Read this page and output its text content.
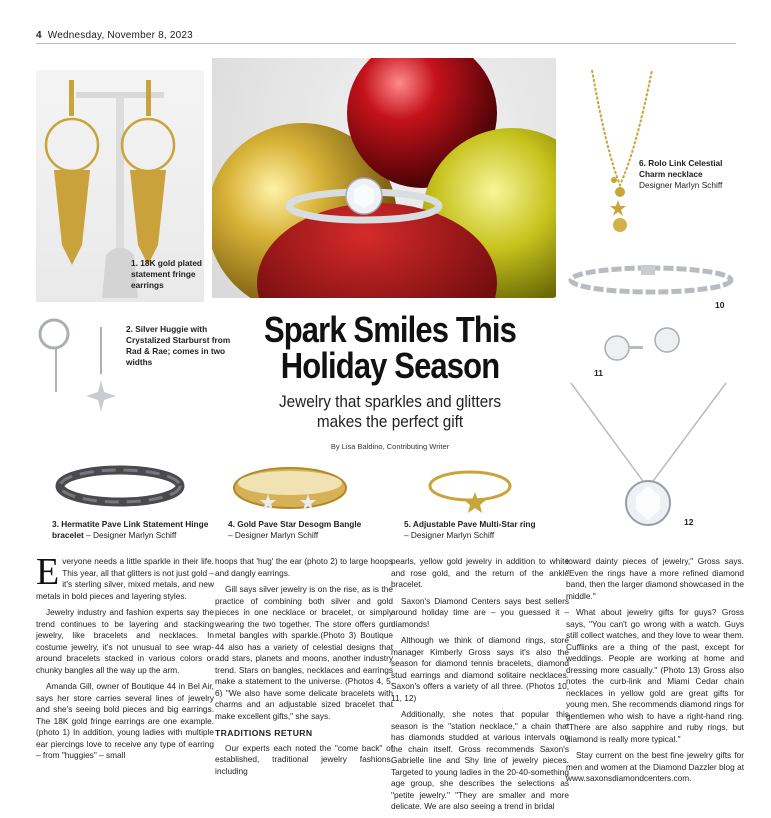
4 Wednesday, November 8, 2023
1. 18K gold plated statement fringe earrings
6. Rolo Link Celestial Charm necklace
Designer Marlyn Schiff
10
11
12
2. Silver Huggie with Crystalized Starburst from Rad & Rae; comes in two widths
Spark Smiles This
Holiday Season
Jewelry that sparkles and glitters
makes the perfect gift
By Lisa Baldino, Contributing Writer
3. Hermatite Pave Link Statement Hinge bracelet – Designer Marlyn Schiff
4. Gold Pave Star Desogm Bangle
– Designer Marlyn Schiff
5. Adjustable Pave Multi-Star ring
– Designer Marlyn Schiff

Everyone needs a little sparkle in their life. This year, all that glitters is not just gold – it's sterling silver, mixed metals, and new metals in bold pieces and layering styles.

Jewelry industry and fashion experts say the trend continues to be layering and stacking jewelry, like bracelets and necklaces. In costume jewelry, it's not unusual to see wrap-around bracelets stacked in various colors or chunky bangles all the way up the arm.

Amanda Gill, owner of Boutique 44 in Bel Air, says her store carries several lines of jewelry and she's seeing bold pieces and big earrings. The 18K gold fringe earrings are one example. (photo 1) In addition, young ladies with multiple ear piercings love to receive any type of earring – from "huggies" – small

hoops that 'hug' the ear (photo 2) to large hoops and dangly earrings.

Gill says silver jewelry is on the rise, as is the practice of combining both silver and gold pieces in one necklace or bracelet, or simply wearing the two together. The store offers gun metal bangles with sparkle.(Photo 3) Boutique 44 also has a variety of celestial designs that add stars, planets and moons, another industry trend. Stars on bangles, necklaces and earrings make a statement to the universe. (Photos 4, 5, 6) "We also have some delicate bracelets with charms and an adjustable sized bracelet that make excellent gifts," she says.

TRADITIONS RETURN

Our experts each noted the "come back" of established, traditional jewelry fashions, including

pearls, yellow gold jewelry in addition to white and rose gold, and the return of the ankle bracelet.

Saxon's Diamond Centers says best sellers around holiday time are – you guessed it – diamonds!

Although we think of diamond rings, store manager Kimberly Gross says it's also the season for diamond tennis bracelets, diamond stud earrings and diamond solitaire necklaces. Saxon's offers a variety of all three. (Photos 10, 11, 12)

Additionally, she notes that popular this season is the "station necklace," a chain that has diamonds studded at various intervals on the chain itself. Gross recommends Saxon's Gabrielle line and Shy line of jewelry pieces. Targeted to young ladies in the 20-40-something age group, she describes the selections as "petite jewelry." "They are smaller and more delicate. We are also seeing a trend in bridal

toward dainty pieces of jewelry," Gross says. "Even the rings have a more refined diamond band, then the larger diamond showcased in the middle."

What about jewelry gifts for guys? Gross says, "You can't go wrong with a watch. Guys still collect watches, and they love to wear them. Cufflinks are a thing of the past, except for weddings. People are working at home and dressing more casually." (Photo 13) Gross also notes the curb-link and Miami Cedar chain necklaces in yellow gold are great gifts for young men. She recommends diamond rings for gentlemen who wish to have a right-hand ring. "There are also sapphire and ruby rings, but diamond is really more typical."

Stay current on the best fine jewelry gifts for men and women at the Diamond Dazzler blog at www.saxonsdiamondcenters.com.
